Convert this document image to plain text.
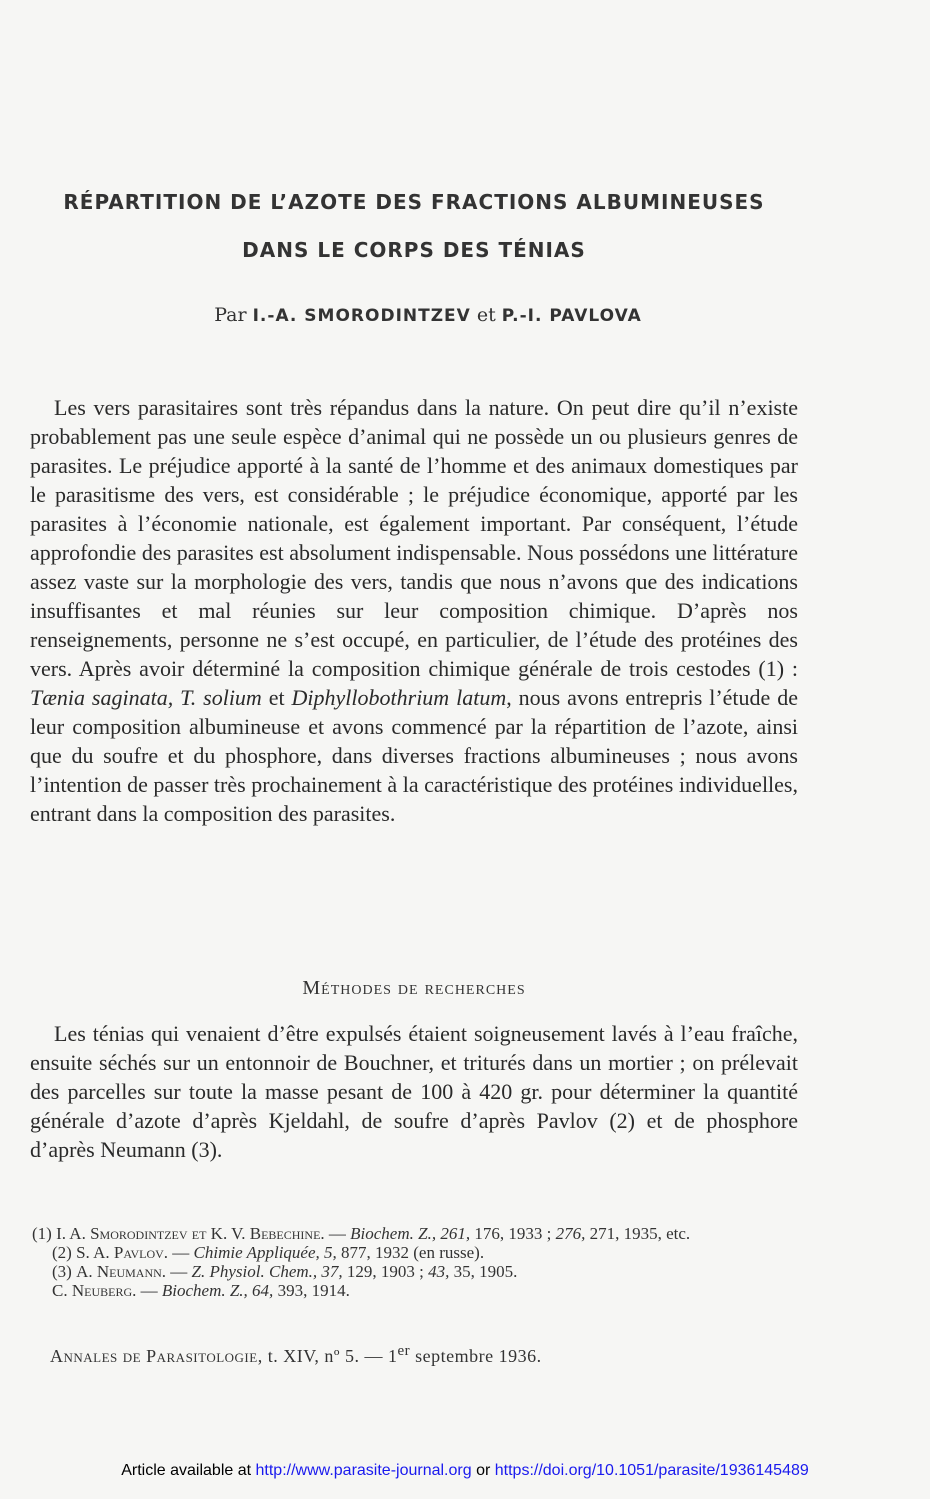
RÉPARTITION DE L’AZOTE DES FRACTIONS ALBUMINEUSES
DANS LE CORPS DES TÉNIAS
Par I.-A. SMORODINTZEV et P.-I. PAVLOVA
Les vers parasitaires sont très répandus dans la nature. On peut dire qu’il n’existe probablement pas une seule espèce d’animal qui ne possède un ou plusieurs genres de parasites. Le préjudice apporté à la santé de l’homme et des animaux domestiques par le parasitisme des vers, est considérable ; le préjudice économique, apporté par les parasites à l’économie nationale, est également important. Par conséquent, l’étude approfondie des parasites est absolument indispensable. Nous possédons une littérature assez vaste sur la morphologie des vers, tandis que nous n’avons que des indications insuffisantes et mal réunies sur leur composition chimique. D’après nos renseignements, personne ne s’est occupé, en particulier, de l’étude des protéines des vers. Après avoir déterminé la composition chimique générale de trois cestodes (1) : Tænia saginata, T. solium et Diphyllobothrium latum, nous avons entrepris l’étude de leur composition albumineuse et avons commencé par la répartition de l’azote, ainsi que du soufre et du phosphore, dans diverses fractions albumineuses ; nous avons l’intention de passer très prochainement à la caractéristique des protéines individuelles, entrant dans la composition des parasites.
Méthodes de recherches
Les ténias qui venaient d’être expulsés étaient soigneusement lavés à l’eau fraîche, ensuite séchés sur un entonnoir de Bouchner, et triturés dans un mortier ; on prélevait des parcelles sur toute la masse pesant de 100 à 420 gr. pour déterminer la quantité générale d’azote d’après Kjeldahl, de soufre d’après Pavlov (2) et de phosphore d’après Neumann (3).
(1) I. A. Smorodintzev et K. V. Bebechine. — Biochem. Z., 261, 176, 1933 ; 276, 271, 1935, etc.
(2) S. A. Pavlov. — Chimie Appliquée, 5, 877, 1932 (en russe).
(3) A. Neumann. — Z. Physiol. Chem., 37, 129, 1903 ; 43, 35, 1905.
C. Neuberg. — Biochem. Z., 64, 393, 1914.
Annales de Parasitologie, t. XIV, nº 5. — 1er septembre 1936.
Article available at http://www.parasite-journal.org or https://doi.org/10.1051/parasite/1936145489
